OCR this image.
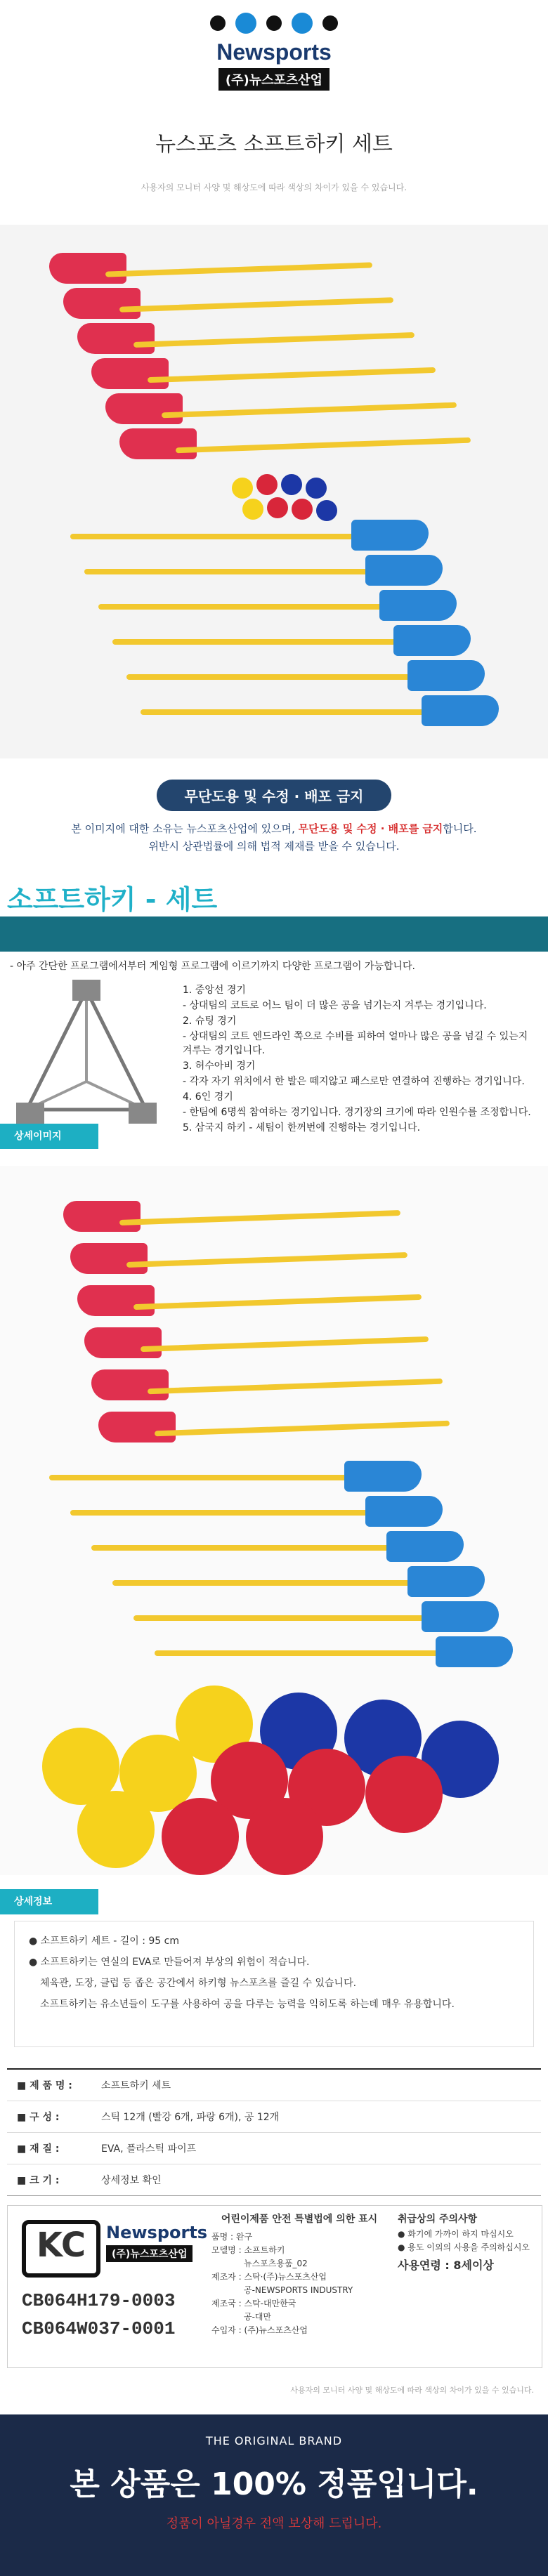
Newsports
(주)뉴스포츠산업
뉴스포츠 소프트하키 세트
사용자의 모니터 사양 및 해상도에 따라 색상의 차이가 있을 수 있습니다.
무단도용 및 수정 · 배포 금지
본 이미지에 대한 소유는 뉴스포츠산업에 있으며, 무단도용 및 수정 · 배포를 금지합니다.
위반시 상관법률에 의해 법적 제재를 받을 수 있습니다.
소프트하키 - 세트
- 아주 간단한 프로그램에서부터 게임형 프로그램에 이르기까지 다양한 프로그램이 가능합니다.
1. 중앙선 경기
- 상대팀의 코트로 어느 팀이 더 많은 공을 넘기는지 겨루는 경기입니다.
2. 슈팅 경기
- 상대팀의 코트 엔드라인 쪽으로 수비를 피하여 얼마나 많은 공을 넘길 수 있는지 겨루는 경기입니다.
3. 허수아비 경기
- 각자 자기 위치에서 한 발은 떼지않고 패스로만 연결하여 진행하는 경기입니다.
4. 6인 경기
- 한팀에 6명씩 참여하는 경기입니다. 경기장의 크기에 따라 인원수를 조정합니다.
5. 삼국지 하키 - 세팀이 한꺼번에 진행하는 경기입니다.
상세이미지
상세정보
● 소프트하키 세트 - 길이 : 95 cm
● 소프트하키는 연실의 EVA로 만들어져 부상의 위험이 적습니다.
체육관, 도장, 클럽 등 좁은 공간에서 하키형 뉴스포츠를 즐길 수 있습니다.
소프트하키는 유소년들이 도구를 사용하여 공을 다루는 능력을 익히도록 하는데 매우 유용합니다.
■ 제 품 명 :	소프트하키 세트
■ 구 성 :	스틱 12개 (빨강 6개, 파랑 6개), 공 12개
■ 재 질 :	EVA, 플라스틱 파이프
■ 크 기 :	상세정보 확인
KC	Newsports
(주)뉴스포츠산업
CB064H179-0003
CB064W037-0001
어린이제품 안전 특별법에 의한 표시
품명 : 완구
모델명 : 소프트하키
뉴스포츠용품_02
제조자 : 스탁·(주)뉴스포츠산업
공-NEWSPORTS INDUSTRY
제조국 : 스탁-대만한국
공-대만
수입자 : (주)뉴스포츠산업
취급상의 주의사항
● 화기에 가까이 하지 마십시오
● 용도 이외의 사용을 주의하십시오
사용연령 : 8세이상
사용자의 모니터 사양 및 해상도에 따라 색상의 차이가 있을 수 있습니다.
THE ORIGINAL BRAND
본 상품은 100% 정품입니다.
정품이 아닐경우 전액 보상해 드립니다.
